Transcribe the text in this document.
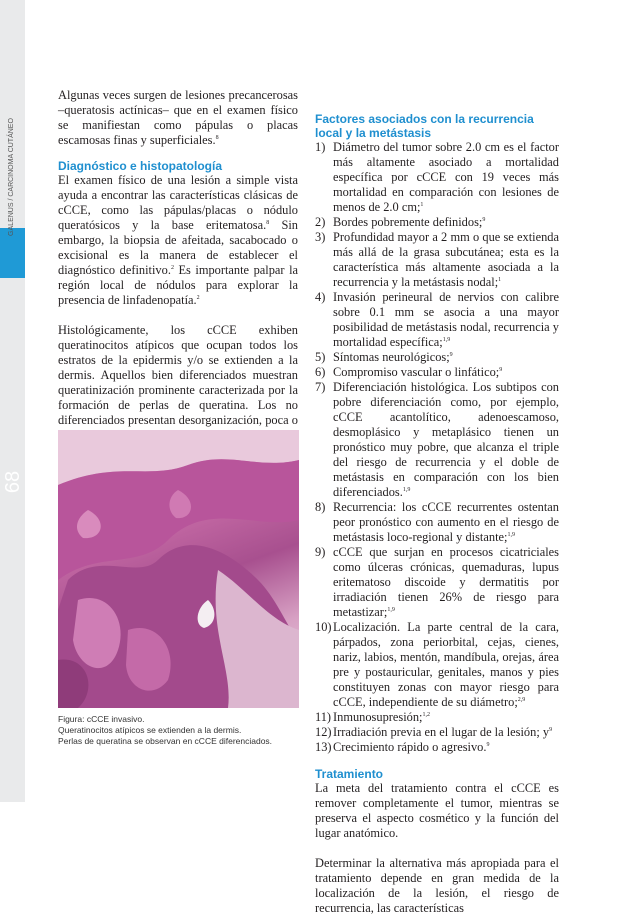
68
GALENUS / CARCINOMA CUTÁNEO

Algunas veces surgen de lesiones precancerosas –queratosis actínicas– que en el examen físico se manifiestan como pápulas o placas escamosas finas y superficiales.$^8$

Diagnóstico e histopatología

El examen físico de una lesión a simple vista ayuda a encontrar las características clásicas de cCCE, como las pápulas/placas o nódulo queratósicos y la base eritematosa.$^8$ Sin embargo, la biopsia de afeitada, sacabocado o excisional es la manera de establecer el diagnóstico definitivo.$^2$ Es importante palpar la región local de nódulos para explorar la presencia de linfadenopatía.$^2$

Histológicamente, los cCCE exhiben queratinocitos atípicos que ocupan todos los estratos de la epidermis y/o se extienden a la dermis. Aquellos bien diferenciados muestran queratinización prominente caracterizada por la formación de perlas de queratina. Los no diferenciados presentan desorganización, poca o

Figura: cCCE invasivo.
Queratinocitos atípicos se extienden a la dermis.
Perlas de queratina se observan en cCCE diferenciados.
Factores asociados con la recurrencia local y la metástasis
1) Diámetro del tumor sobre 2.0 cm es el factor más altamente asociado a mortalidad específica por cCCE con 19 veces más mortalidad en comparación con lesiones de menos de 2.0 cm;$^1$
2) Bordes pobremente definidos;$^9$
3) Profundidad mayor a 2 mm o que se extienda más allá de la grasa subcutánea; esta es la característica más altamente asociada a la recurrencia y la metástasis nodal;$^1$
4) Invasión perineural de nervios con calibre sobre 0.1 mm se asocia a una mayor posibilidad de metástasis nodal, recurrencia y mortalidad específica;$^{1,9}$
5) Síntomas neurológicos;$^9$
6) Compromiso vascular o linfático;$^9$
7) Diferenciación histológica. Los subtipos con pobre diferenciación como, por ejemplo, cCCE acantolítico, adenoescamoso, desmoplásico y metaplásico tienen un pronóstico muy pobre, que alcanza el triple del riesgo de recurrencia y el doble de metástasis en comparación con los bien diferenciados.$^{1,9}$
8) Recurrencia: los cCCE recurrentes ostentan peor pronóstico con aumento en el riesgo de metástasis loco-regional y distante;$^{1,9}$
9) cCCE que surjan en procesos cicatriciales como úlceras crónicas, quemaduras, lupus eritematoso discoide y dermatitis por irradiación tienen 26% de riesgo para metastizar;$^{1,9}$
10) Localización. La parte central de la cara, párpados, zona periorbital, cejas, cienes, nariz, labios, mentón, mandíbula, orejas, área pre y postauricular, genitales, manos y pies constituyen zonas con mayor riesgo para cCCE, independiente de su diámetro;$^{2,9}$
11) Inmunosupresión;$^{1,2}$
12) Irradiación previa en el lugar de la lesión; $y^9$
13) Crecimiento rápido o agresivo.$^9$
Tratamiento

La meta del tratamiento contra el cCCE es remover completamente el tumor, mientras se preserva el aspecto cosmético y la función del lugar anatómico.

Determinar la alternativa más apropiada para el tratamiento depende en gran medida de la localización de la lesión, el riesgo de recurrencia, las características
